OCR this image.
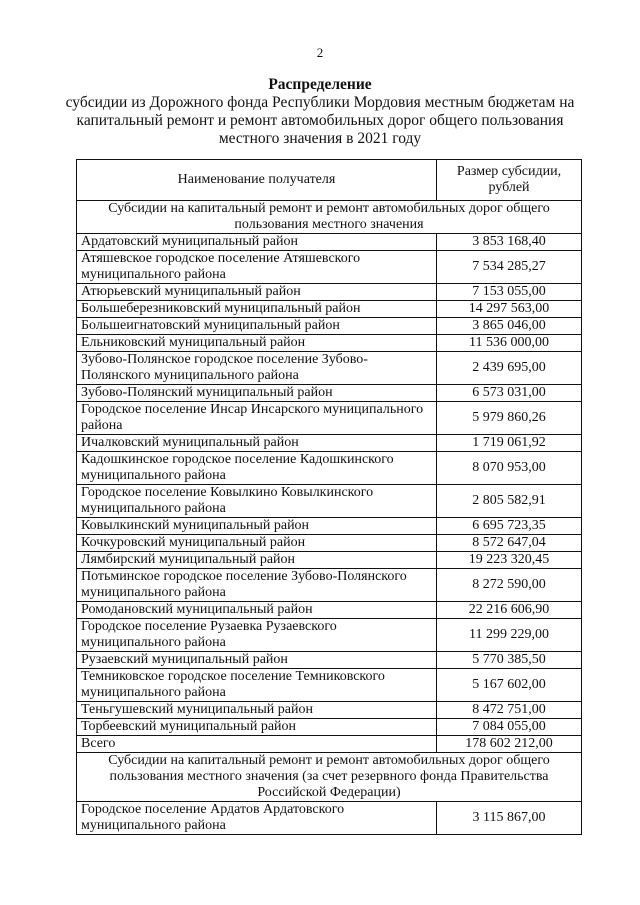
2
Распределение
субсидии из Дорожного фонда Республики Мордовия местным бюджетам на капитальный ремонт и ремонт автомобильных дорог общего пользования местного значения в 2021 году
Наименование получателя	Размер субсидии, рублей
Субсидии на капитальный ремонт и ремонт автомобильных дорог общего пользования местного значения	
Ардатовский муниципальный район	3 853 168,40
Атяшевское городское поселение Атяшевского муниципального района	7 534 285,27
Атюрьевский муниципальный район	7 153 055,00
Большеберезниковский муниципальный район	14 297 563,00
Большеигнатовский муниципальный район	3 865 046,00
Ельниковский муниципальный район	11 536 000,00
Зубово-Полянское городское поселение Зубово-Полянского муниципального района	2 439 695,00
Зубово-Полянский муниципальный район	6 573 031,00
Городское поселение Инсар Инсарского муниципального района	5 979 860,26
Ичалковский муниципальный район	1 719 061,92
Кадошкинское городское поселение Кадошкинского муниципального района	8 070 953,00
Городское поселение Ковылкино Ковылкинского муниципального района	2 805 582,91
Ковылкинский муниципальный район	6 695 723,35
Кочкуровский муниципальный район	8 572 647,04
Лямбирский муниципальный район	19 223 320,45
Потьминское городское поселение Зубово-Полянского муниципального района	8 272 590,00
Ромодановский муниципальный район	22 216 606,90
Городское поселение Рузаевка Рузаевского муниципального района	11 299 229,00
Рузаевский муниципальный район	5 770 385,50
Темниковское городское поселение Темниковского муниципального района	5 167 602,00
Теньгушевский муниципальный район	8 472 751,00
Торбеевский муниципальный район	7 084 055,00
Всего	178 602 212,00
Субсидии на капитальный ремонт и ремонт автомобильных дорог общего пользования местного значения (за счет резервного фонда Правительства Российской Федерации)	
Городское поселение Ардатов Ардатовского муниципального района	3 115 867,00
